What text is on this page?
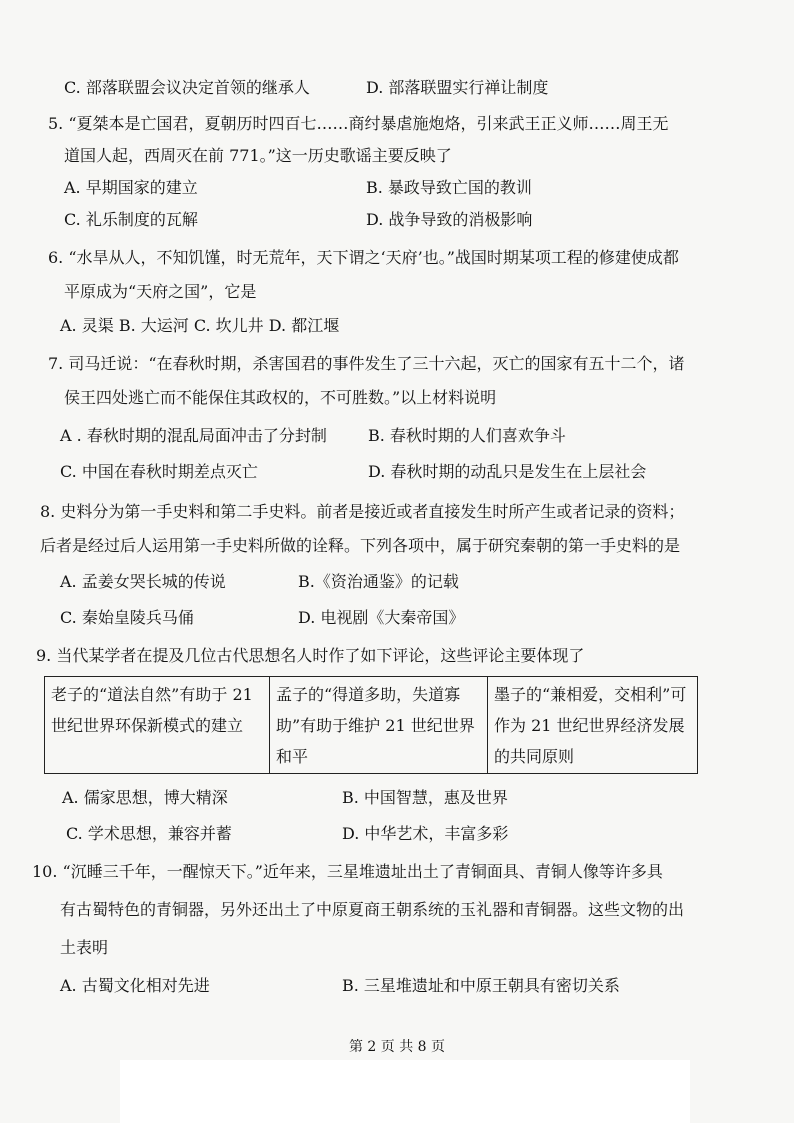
C. 部落联盟会议决定首领的继承人	D. 部落联盟实行禅让制度
5. “夏桀本是亡国君，夏朝历时四百七……商纣暴虐施炮烙，引来武王正义师……周王无
道国人起，西周灭在前 771。”这一历史歌谣主要反映了
A. 早期国家的建立	B. 暴政导致亡国的教训
C. 礼乐制度的瓦解	D. 战争导致的消极影响
6. “水旱从人，不知饥馑，时无荒年，天下谓之‘天府’也。”战国时期某项工程的修建使成都
平原成为“天府之国”，它是
A. 灵渠 B. 大运河 C. 坎儿井 D. 都江堰
7. 司马迁说：“在春秋时期，杀害国君的事件发生了三十六起，灭亡的国家有五十二个，诸
侯王四处逃亡而不能保住其政权的，不可胜数。”以上材料说明
A . 春秋时期的混乱局面冲击了分封制	B. 春秋时期的人们喜欢争斗
C. 中国在春秋时期差点灭亡	D. 春秋时期的动乱只是发生在上层社会
8. 史料分为第一手史料和第二手史料。前者是接近或者直接发生时所产生或者记录的资料；
后者是经过后人运用第一手史料所做的诠释。下列各项中，属于研究秦朝的第一手史料的是
A. 孟姜女哭长城的传说	B.《资治通鉴》的记载
C. 秦始皇陵兵马俑	D. 电视剧《大秦帝国》
9. 当代某学者在提及几位古代思想名人时作了如下评论，这些评论主要体现了
老子的“道法自然”有助于 21 世纪世界环保新模式的建立	孟子的“得道多助，失道寡助”有助于维护 21 世纪世界和平	墨子的“兼相爱，交相利”可作为 21 世纪世界经济发展的共同原则
A. 儒家思想，博大精深	B. 中国智慧，惠及世界
C. 学术思想，兼容并蓄	D. 中华艺术，丰富多彩
10. “沉睡三千年，一醒惊天下。”近年来，三星堆遗址出土了青铜面具、青铜人像等许多具
有古蜀特色的青铜器，另外还出土了中原夏商王朝系统的玉礼器和青铜器。这些文物的出
土表明
A. 古蜀文化相对先进	B. 三星堆遗址和中原王朝具有密切关系
第 2 页 共 8 页
